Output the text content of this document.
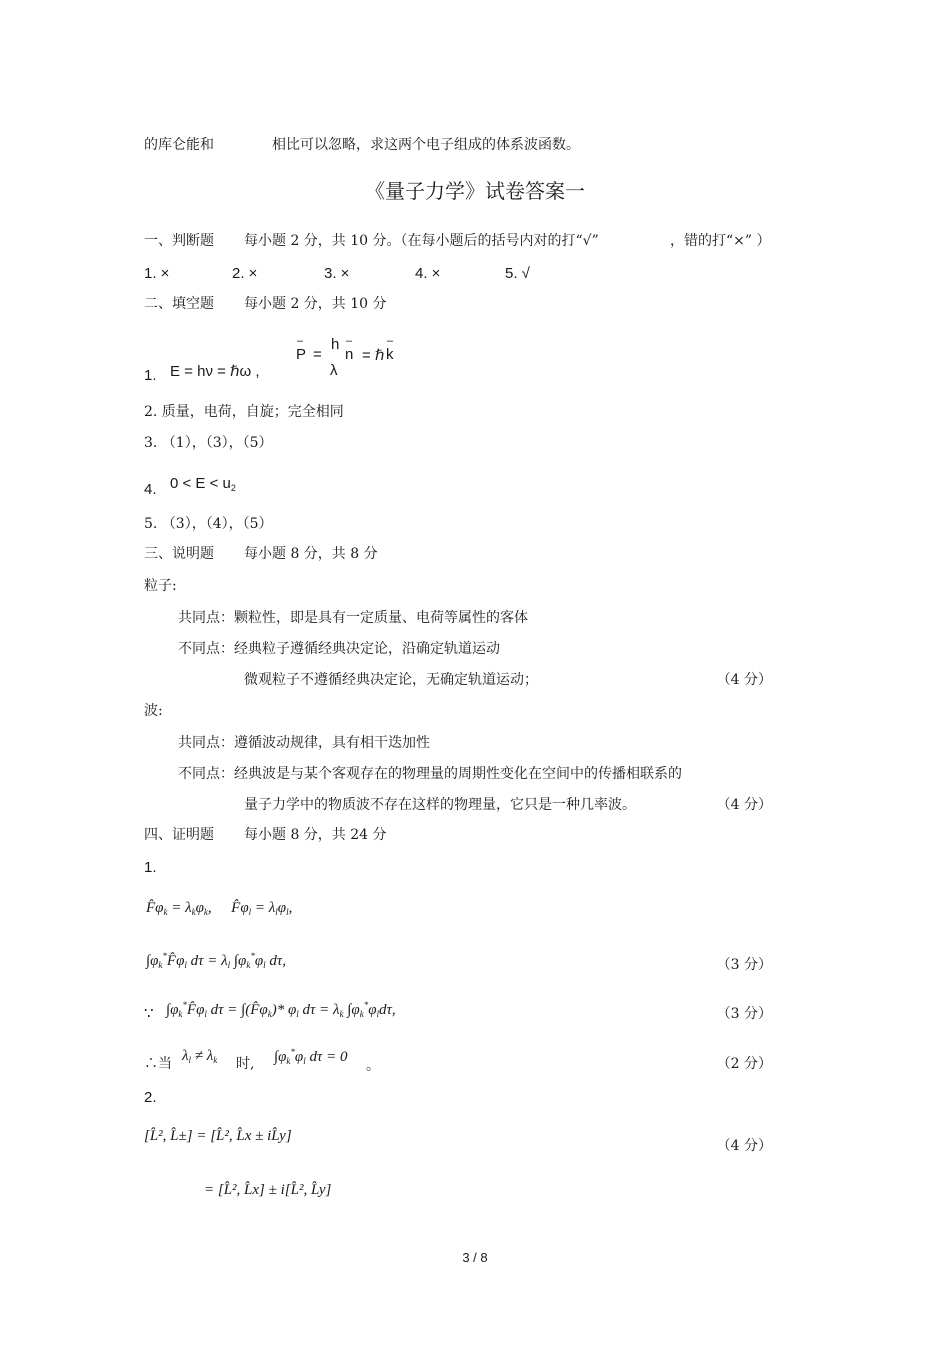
的库仑能和	相比可以忽略，求这两个电子组成的体系波函数。
《量子力学》试卷答案一
一、判断题 每小题 2 分，共 10 分。（在每小题后的括号内对的打“√”	，错的打“×” ）
1. ×	2. ×	3. ×	4. ×	5. √
二、填空题 每小题 2 分，共 10 分
1. E = hν = ℏω ,
– P =
h
λ
– n = ℏ
– k
2. 质量，电荷，自旋；完全相同
3. （1），（3），（5）
4. $0 < E < u_2$
5. （3），（4），（5）
三、说明题 每小题 8 分，共 8 分
粒子:
共同点：颗粒性，即是具有一定质量、电荷等属性的客体
不同点：经典粒子遵循经典决定论，沿确定轨道运动
微观粒子不遵循经典决定论，无确定轨道运动；	（4 分）
波:
共同点：遵循波动规律，具有相干迭加性
不同点：经典波是与某个客观存在的物理量的周期性变化在空间中的传播相联系的
量子力学中的物质波不存在这样的物理量，它只是一种几率波。	（4 分）
四、证明题 每小题 8 分，共 24 分
1.
$F̂\varphi_k = \lambda_k\varphi_k$,  $F̂\varphi_l = \lambda_l\varphi_l$,
$\int\varphi_k^*F̂\varphi_l$ $d\tau = \lambda_l$ $\int\varphi_k^*\varphi_l$ dτ,	（3 分）
∵ $\int\varphi_k^*F̂\varphi_l$ $d\tau = \int(F̂\varphi_k)*$ $\varphi_l$ $d\tau = \lambda_k$ $\int\varphi_k^*\varphi_ld\tau$,	（3 分）
∴当 $\lambda_l \ne \lambda_k$ 时, $\int\varphi_k^*\varphi_l$ dτ = 0
。	（2 分）
2.
[L̂², L̂±] = [L̂², L̂x ± iL̂y]
（4 分）
= [L̂², L̂x] ± i[L̂², L̂y]
3 / 8
